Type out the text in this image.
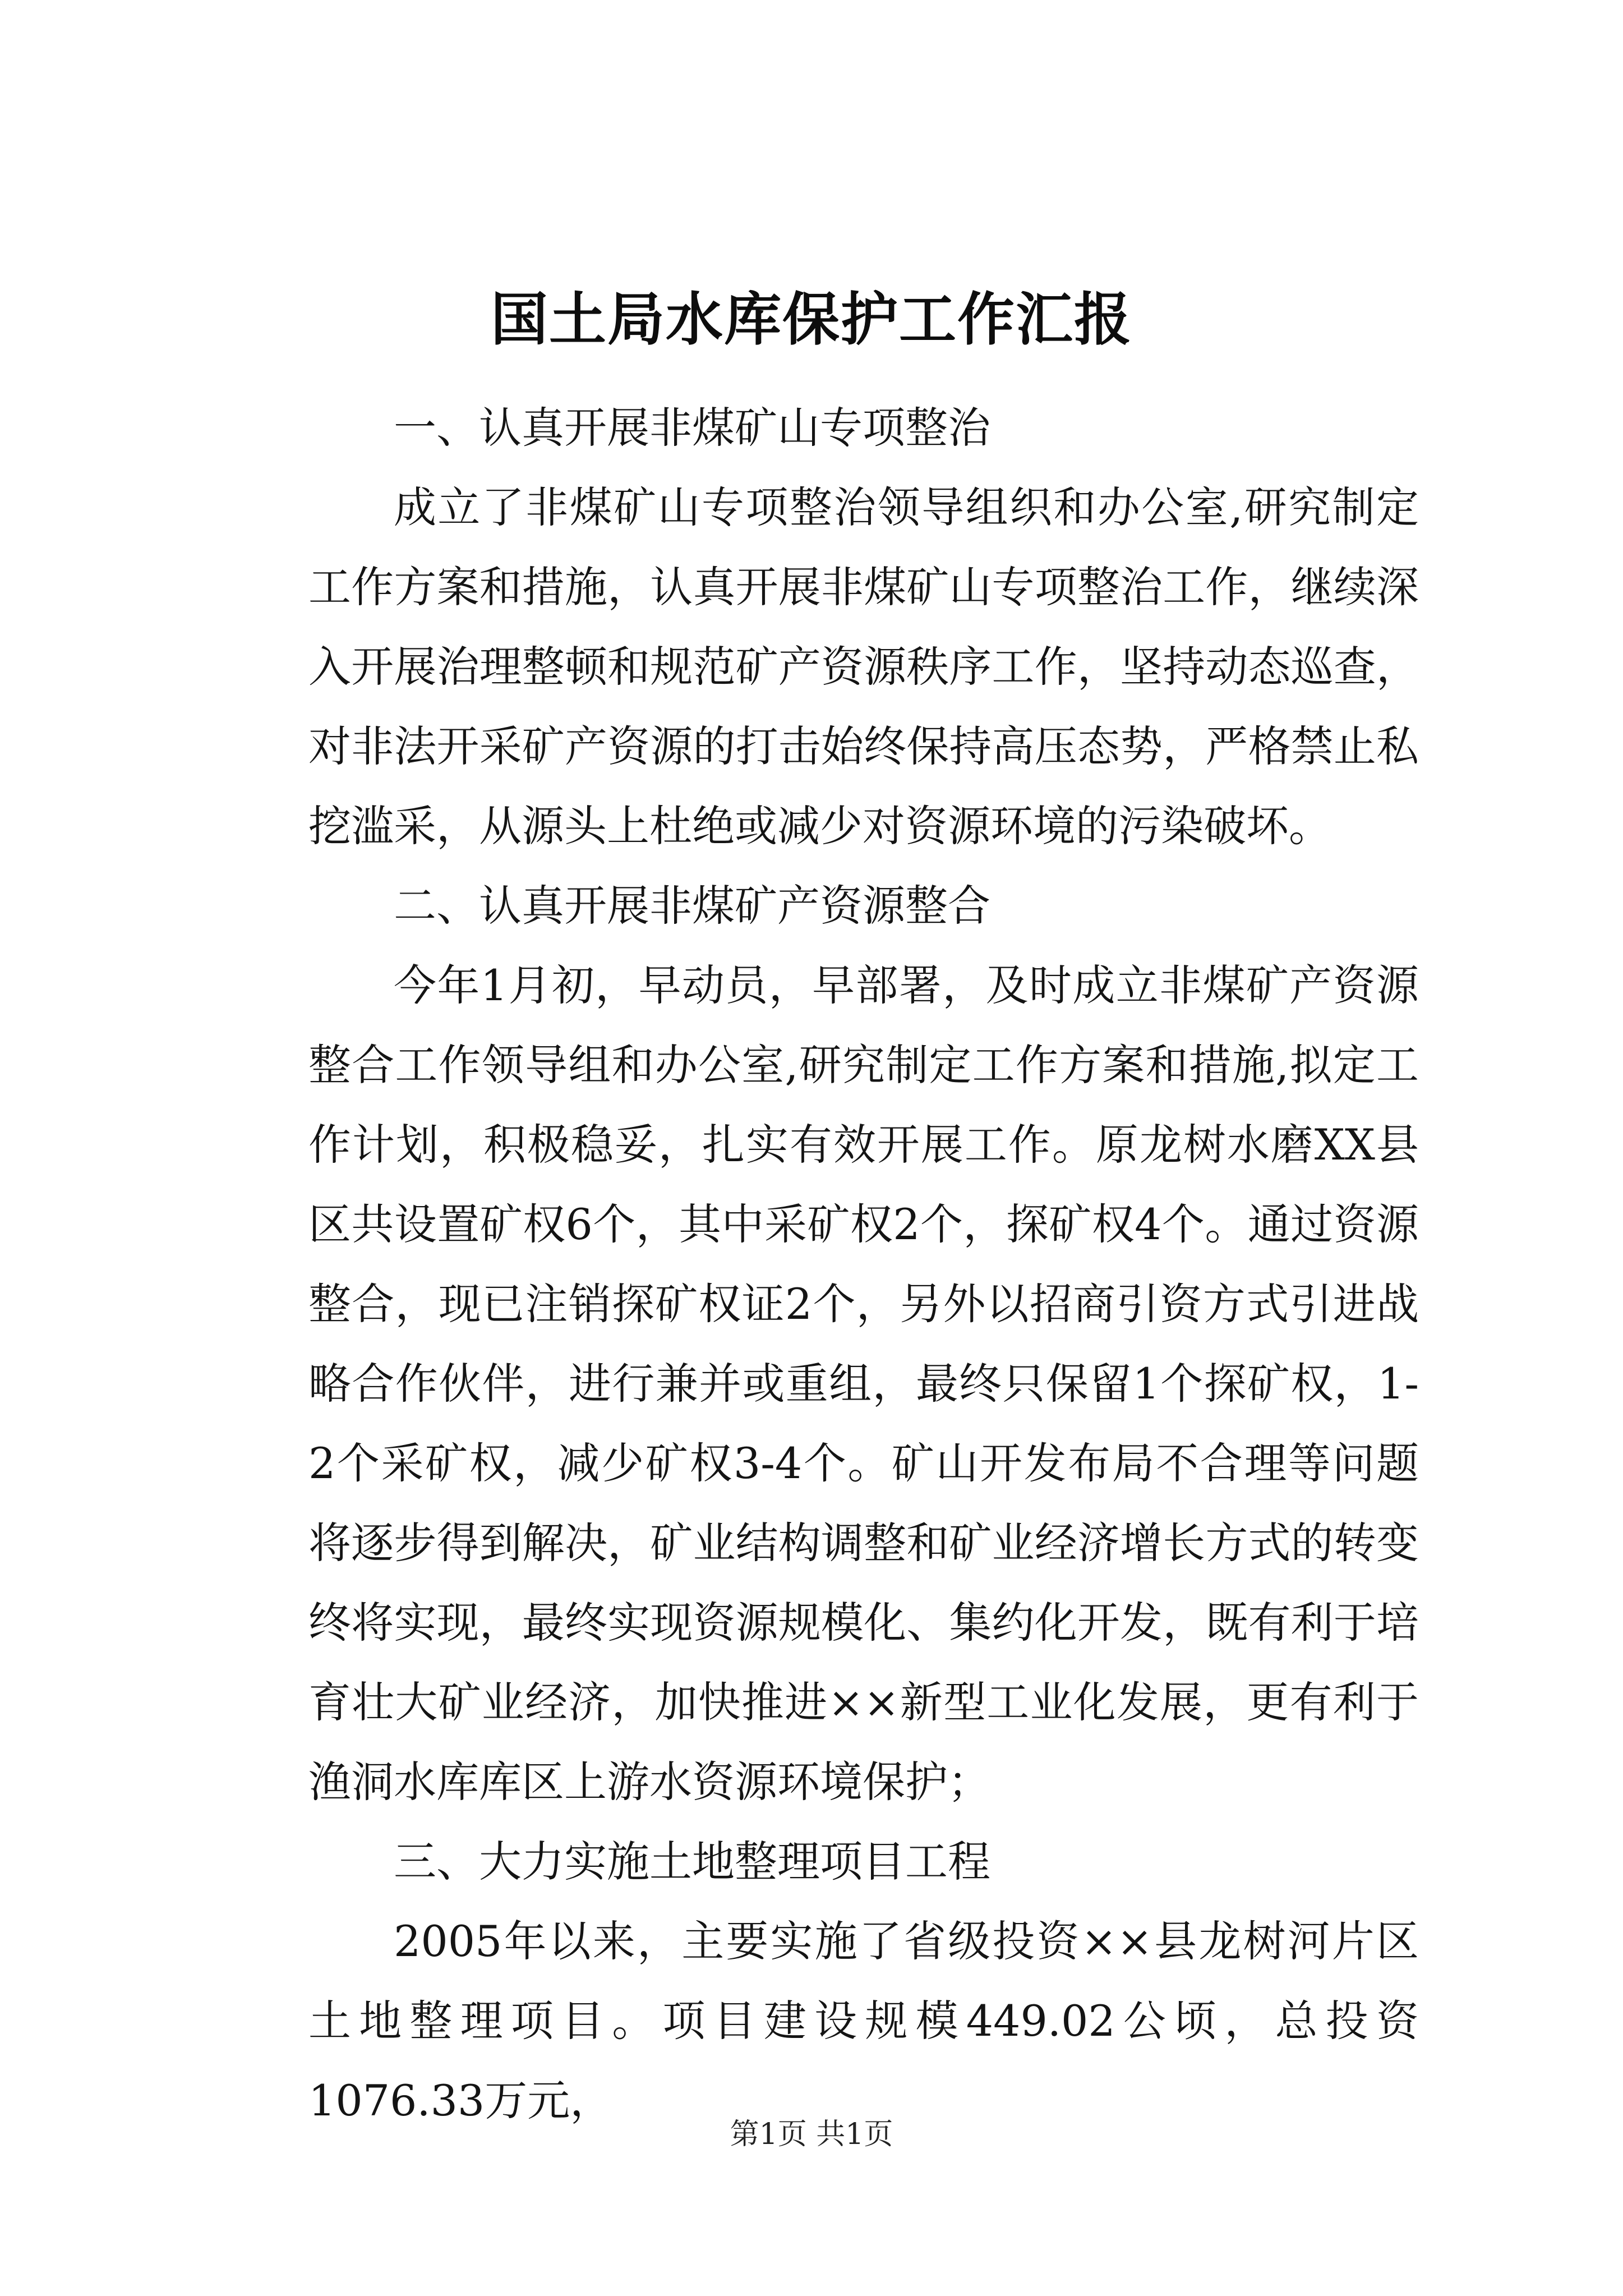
国土局水库保护工作汇报

一、认真开展非煤矿山专项整治

成立了非煤矿山专项整治领导组织和办公室,研究制定工作方案和措施，认真开展非煤矿山专项整治工作，继续深入开展治理整顿和规范矿产资源秩序工作，坚持动态巡查，对非法开采矿产资源的打击始终保持高压态势，严格禁止私挖滥采，从源头上杜绝或减少对资源环境的污染破坏。

二、认真开展非煤矿产资源整合

今年1月初，早动员，早部署，及时成立非煤矿产资源整合工作领导组和办公室,研究制定工作方案和措施,拟定工作计划，积极稳妥，扎实有效开展工作。原龙树水磨XX县区共设置矿权6个，其中采矿权2个，探矿权4个。通过资源整合，现已注销探矿权证2个，另外以招商引资方式引进战略合作伙伴，进行兼并或重组，最终只保留1个探矿权，1-2个采矿权，减少矿权3-4个。矿山开发布局不合理等问题将逐步得到解决，矿业结构调整和矿业经济增长方式的转变终将实现，最终实现资源规模化、集约化开发，既有利于培育壮大矿业经济，加快推进××新型工业化发展，更有利于渔洞水库库区上游水资源环境保护；

三、大力实施土地整理项目工程

2005年以来，主要实施了省级投资××县龙树河片区土地整理项目。项目建设规模449.02公顷，总投资1076.33万元，

第1页 共1页
